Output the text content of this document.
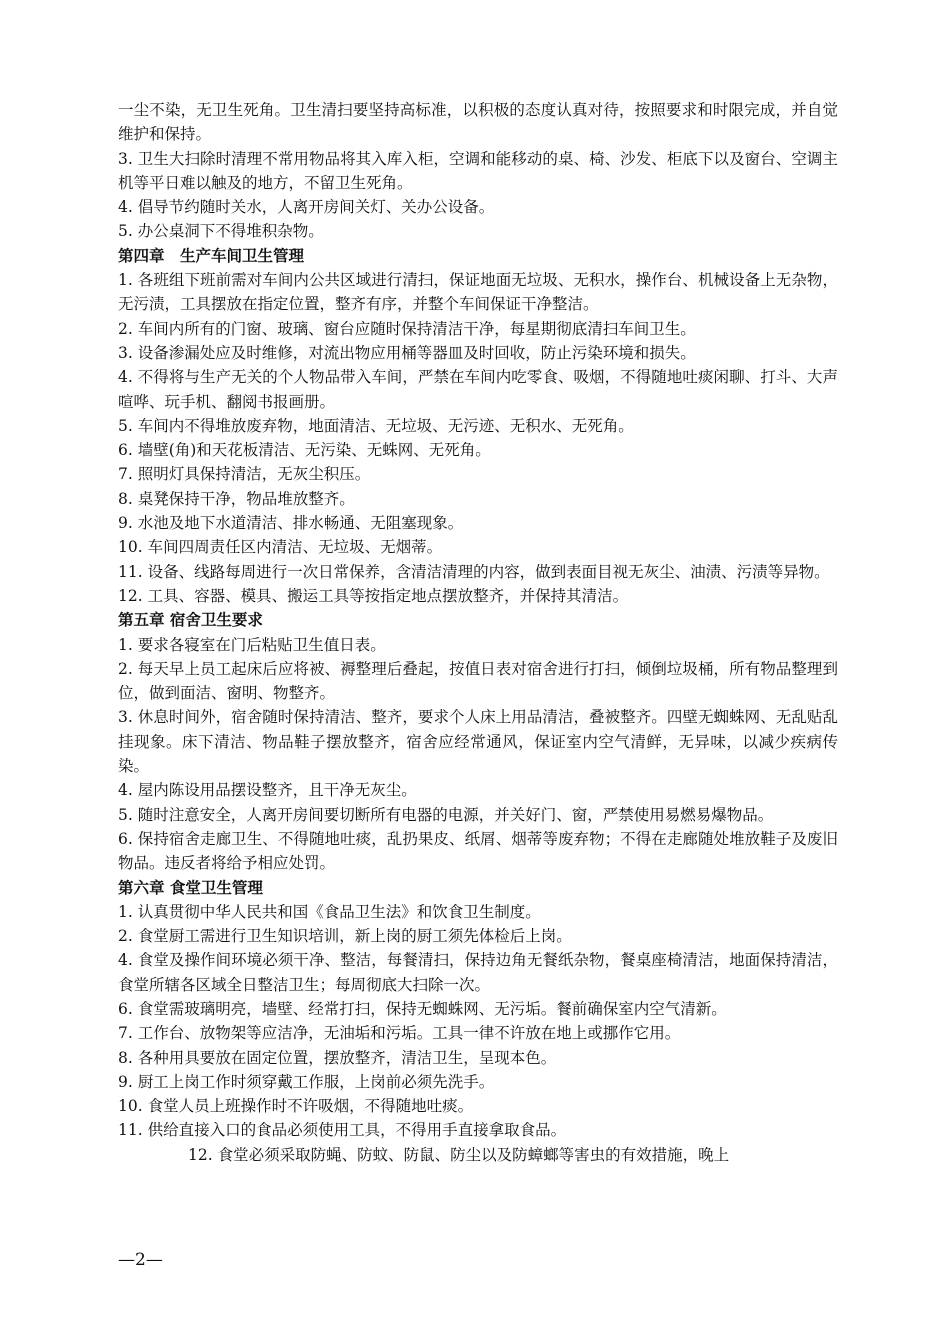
一尘不染，无卫生死角。卫生清扫要坚持高标准，以积极的态度认真对待，按照要求和时限完成，并自觉维护和保持。

3. 卫生大扫除时清理不常用物品将其入库入柜，空调和能移动的桌、椅、沙发、柜底下以及窗台、空调主机等平日难以触及的地方，不留卫生死角。

4. 倡导节约随时关水，人离开房间关灯、关办公设备。

5. 办公桌洞下不得堆积杂物。

第四章　生产车间卫生管理

1. 各班组下班前需对车间内公共区域进行清扫，保证地面无垃圾、无积水，操作台、机械设备上无杂物，无污渍，工具摆放在指定位置，整齐有序，并整个车间保证干净整洁。

2. 车间内所有的门窗、玻璃、窗台应随时保持清洁干净，每星期彻底清扫车间卫生。

3. 设备渗漏处应及时维修，对流出物应用桶等器皿及时回收，防止污染环境和损失。

4. 不得将与生产无关的个人物品带入车间，严禁在车间内吃零食、吸烟，不得随地吐痰闲聊、打斗、大声喧哗、玩手机、翻阅书报画册。

5. 车间内不得堆放废弃物，地面清洁、无垃圾、无污迹、无积水、无死角。

6. 墙壁(角)和天花板清洁、无污染、无蛛网、无死角。

7. 照明灯具保持清洁，无灰尘积压。

8. 桌凳保持干净，物品堆放整齐。

9. 水池及地下水道清洁、排水畅通、无阻塞现象。

10. 车间四周责任区内清洁、无垃圾、无烟蒂。

11. 设备、线路每周进行一次日常保养，含清洁清理的内容，做到表面目视无灰尘、油渍、污渍等异物。

12. 工具、容器、模具、搬运工具等按指定地点摆放整齐，并保持其清洁。

第五章 宿舍卫生要求

1. 要求各寝室在门后粘贴卫生值日表。

2. 每天早上员工起床后应将被、褥整理后叠起，按值日表对宿舍进行打扫，倾倒垃圾桶，所有物品整理到位，做到面洁、窗明、物整齐。

3. 休息时间外，宿舍随时保持清洁、整齐，要求个人床上用品清洁，叠被整齐。四壁无蜘蛛网、无乱贴乱挂现象。床下清洁、物品鞋子摆放整齐，宿舍应经常通风，保证室内空气清鲜，无异味，以减少疾病传染。

4. 屋内陈设用品摆设整齐，且干净无灰尘。

5. 随时注意安全，人离开房间要切断所有电器的电源，并关好门、窗，严禁使用易燃易爆物品。

6. 保持宿舍走廊卫生、不得随地吐痰，乱扔果皮、纸屑、烟蒂等废弃物；不得在走廊随处堆放鞋子及废旧物品。违反者将给予相应处罚。

第六章 食堂卫生管理

1. 认真贯彻中华人民共和国《食品卫生法》和饮食卫生制度。

2. 食堂厨工需进行卫生知识培训，新上岗的厨工须先体检后上岗。

4. 食堂及操作间环境必须干净、整洁，每餐清扫，保持边角无餐纸杂物，餐桌座椅清洁，地面保持清洁，食堂所辖各区域全日整洁卫生；每周彻底大扫除一次。

6. 食堂需玻璃明亮，墙壁、经常打扫，保持无蜘蛛网、无污垢。餐前确保室内空气清新。

7. 工作台、放物架等应洁净，无油垢和污垢。工具一律不许放在地上或挪作它用。

8. 各种用具要放在固定位置，摆放整齐，清洁卫生，呈现本色。

9. 厨工上岗工作时须穿戴工作服，上岗前必须先洗手。

10. 食堂人员上班操作时不许吸烟，不得随地吐痰。

11. 供给直接入口的食品必须使用工具，不得用手直接拿取食品。

12. 食堂必须采取防蝇、防蚊、防鼠、防尘以及防蟑螂等害虫的有效措施，晚上

—2—
